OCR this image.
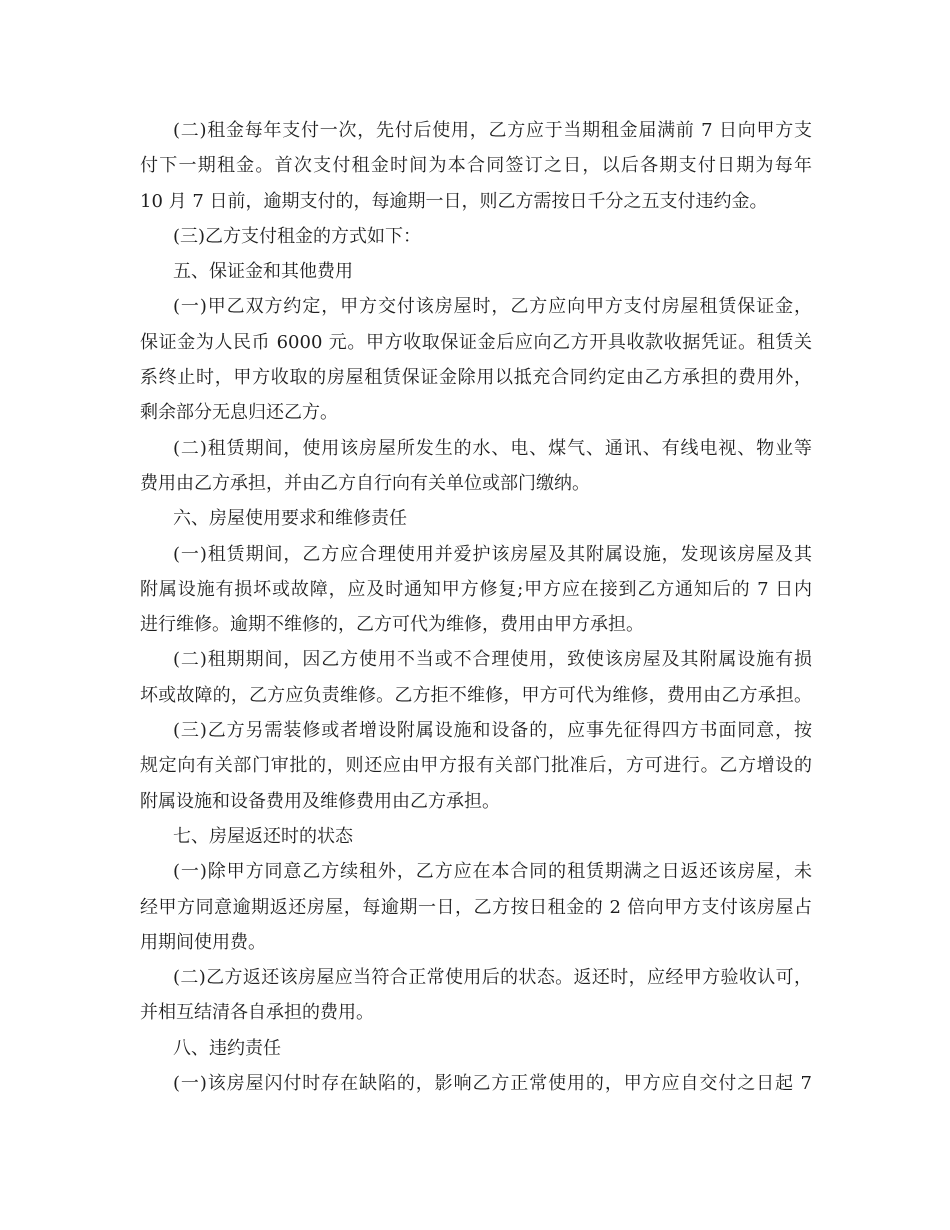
(二)租金每年支付一次，先付后使用，乙方应于当期租金届满前 7 日向甲方支
付下一期租金。首次支付租金时间为本合同签订之日，以后各期支付日期为每年
10 月 7 日前，逾期支付的，每逾期一日，则乙方需按日千分之五支付违约金。
(三)乙方支付租金的方式如下：
五、保证金和其他费用
(一)甲乙双方约定，甲方交付该房屋时，乙方应向甲方支付房屋租赁保证金，
保证金为人民币 6000 元。甲方收取保证金后应向乙方开具收款收据凭证。租赁关
系终止时，甲方收取的房屋租赁保证金除用以抵充合同约定由乙方承担的费用外，
剩余部分无息归还乙方。
(二)租赁期间，使用该房屋所发生的水、电、煤气、通讯、有线电视、物业等
费用由乙方承担，并由乙方自行向有关单位或部门缴纳。
六、房屋使用要求和维修责任
(一)租赁期间，乙方应合理使用并爱护该房屋及其附属设施，发现该房屋及其
附属设施有损坏或故障，应及时通知甲方修复;甲方应在接到乙方通知后的 7 日内
进行维修。逾期不维修的，乙方可代为维修，费用由甲方承担。
(二)租期期间，因乙方使用不当或不合理使用，致使该房屋及其附属设施有损
坏或故障的，乙方应负责维修。乙方拒不维修，甲方可代为维修，费用由乙方承担。
(三)乙方另需装修或者增设附属设施和设备的，应事先征得四方书面同意，按
规定向有关部门审批的，则还应由甲方报有关部门批准后，方可进行。乙方增设的
附属设施和设备费用及维修费用由乙方承担。
七、房屋返还时的状态
(一)除甲方同意乙方续租外，乙方应在本合同的租赁期满之日返还该房屋，未
经甲方同意逾期返还房屋，每逾期一日，乙方按日租金的 2 倍向甲方支付该房屋占
用期间使用费。
(二)乙方返还该房屋应当符合正常使用后的状态。返还时，应经甲方验收认可，
并相互结清各自承担的费用。
八、违约责任
(一)该房屋闪付时存在缺陷的，影响乙方正常使用的，甲方应自交付之日起 7
